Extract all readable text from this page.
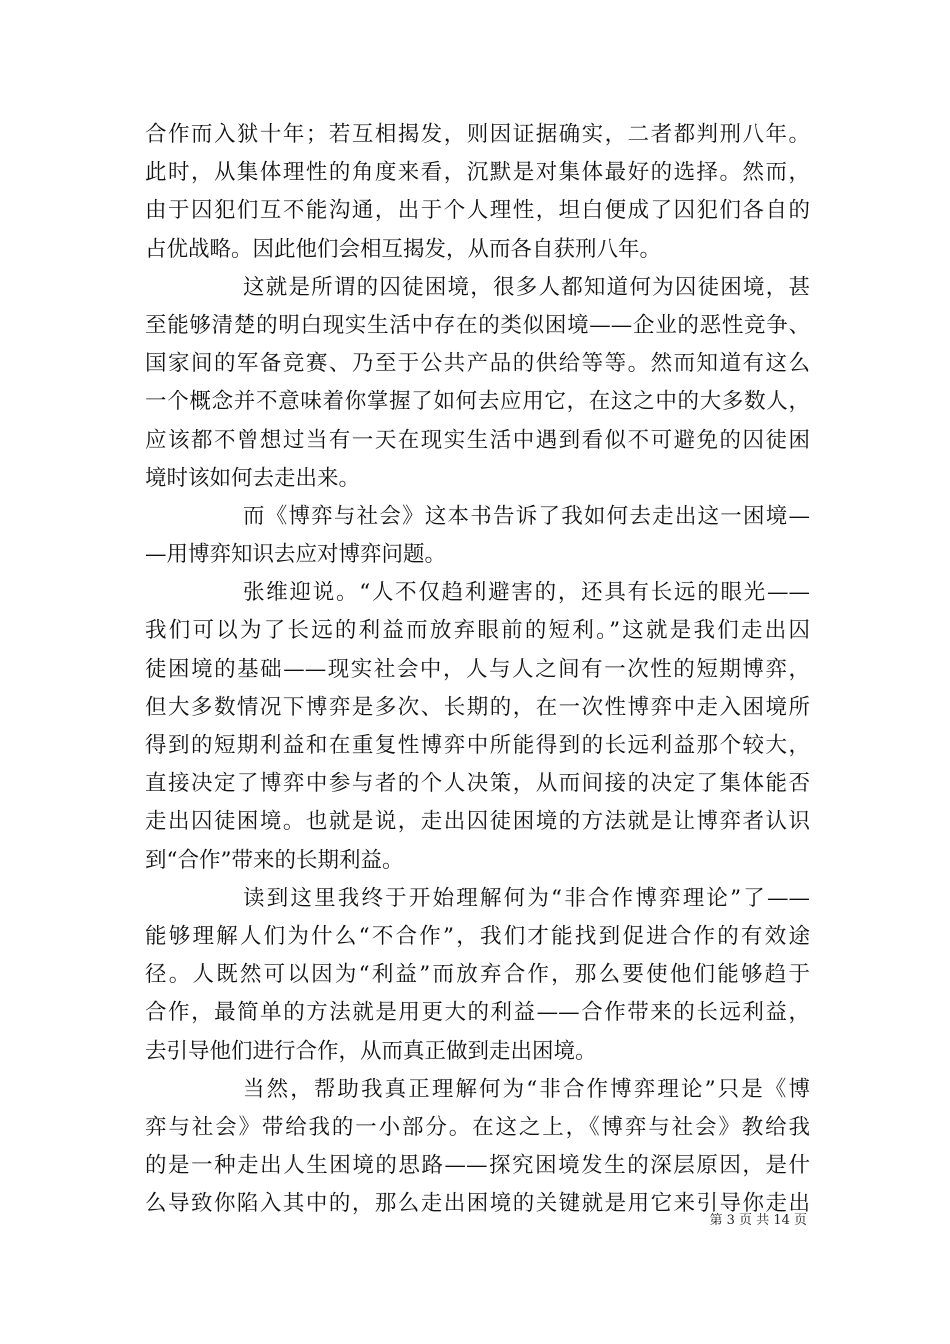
合作而入狱十年；若互相揭发，则因证据确实，二者都判刑八年。
此时，从集体理性的角度来看，沉默是对集体最好的选择。然而，
由于囚犯们互不能沟通，出于个人理性，坦白便成了囚犯们各自的
占优战略。因此他们会相互揭发，从而各自获刑八年。
这就是所谓的囚徒困境，很多人都知道何为囚徒困境，甚
至能够清楚的明白现实生活中存在的类似困境——企业的恶性竞争、
国家间的军备竞赛、乃至于公共产品的供给等等。然而知道有这么
一个概念并不意味着你掌握了如何去应用它，在这之中的大多数人，
应该都不曾想过当有一天在现实生活中遇到看似不可避免的囚徒困
境时该如何去走出来。
而《博弈与社会》这本书告诉了我如何去走出这一困境—
—用博弈知识去应对博弈问题。
张维迎说。“人不仅趋利避害的，还具有长远的眼光——
我们可以为了长远的利益而放弃眼前的短利。”这就是我们走出囚
徒困境的基础——现实社会中，人与人之间有一次性的短期博弈，
但大多数情况下博弈是多次、长期的，在一次性博弈中走入困境所
得到的短期利益和在重复性博弈中所能得到的长远利益那个较大，
直接决定了博弈中参与者的个人决策，从而间接的决定了集体能否
走出囚徒困境。也就是说，走出囚徒困境的方法就是让博弈者认识
到“合作”带来的长期利益。
读到这里我终于开始理解何为“非合作博弈理论”了——
能够理解人们为什么“不合作”，我们才能找到促进合作的有效途
径。人既然可以因为“利益”而放弃合作，那么要使他们能够趋于
合作，最简单的方法就是用更大的利益——合作带来的长远利益，
去引导他们进行合作，从而真正做到走出困境。
当然，帮助我真正理解何为“非合作博弈理论”只是《博
弈与社会》带给我的一小部分。在这之上，《博弈与社会》教给我
的是一种走出人生困境的思路——探究困境发生的深层原因，是什
么导致你陷入其中的，那么走出困境的关键就是用它来引导你走出
第 3 页 共 14 页
